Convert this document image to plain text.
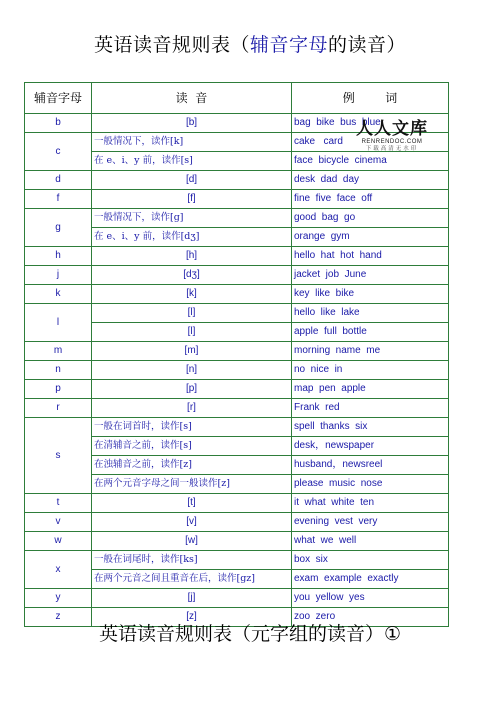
英语读音规则表（辅音字母的读音）
辅音字母	读  音	例        词
b	[b]	bag  bike  bus  blue
c	一般情况下，读作[k]	cake   card
	在 e、i、y 前，读作[s]	face  bicycle  cinema
d	[d]	desk  dad  day
f	[f]	fine  five  face  off
g	一般情况下，读作[g]	good  bag  go
	在 e、i、y 前，读作[dʒ]	orange  gym
h	[h]	hello  hat  hot  hand
j	[dʒ]	jacket  job  June
k	[k]	key  like  bike
l	[l]	hello  like  lake
	[l]	apple  full  bottle
m	[m]	morning  name  me
n	[n]	no  nice  in
p	[p]	map  pen  apple
r	[r]	Frank  red
s	一般在词首时，读作[s]	spell  thanks  six
	在清辅音之前，读作[s]	desk，newspaper
	在浊辅音之前，读作[z]	husband，newsreel
	在两个元音字母之间一般读作[z]	please  music  nose
t	[t]	it  what  white  ten
v	[v]	evening  vest  very
w	[w]	what  we  well
x	一般在词尾时，读作[ks]	box  six
	在两个元音之间且重音在后，读作[gz]	exam  example  exactly
y	[j]	you  yellow  yes
z	[z]	zoo  zero
人人文库
RENRENDOC.COM
下载高清无水印
英语读音规则表（元字组的读音）①
